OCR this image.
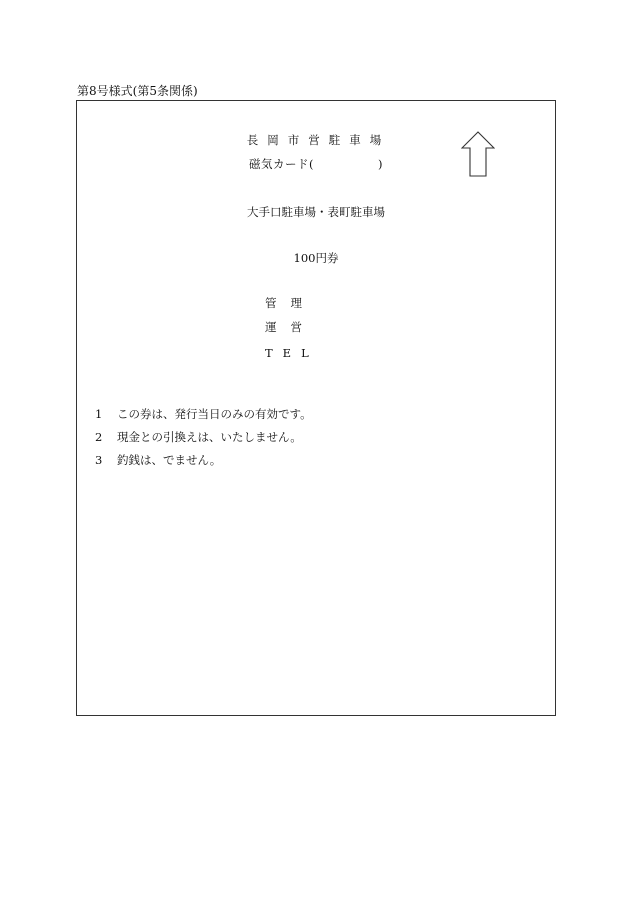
第8号様式(第5条関係)
長岡市営駐車場
磁気カード(	)
大手口駐車場・表町駐車場
100円券
管理
運営
TEL
1 この券は、発行当日のみの有効です。
2 現金との引換えは、いたしません。
3 釣銭は、でません。
